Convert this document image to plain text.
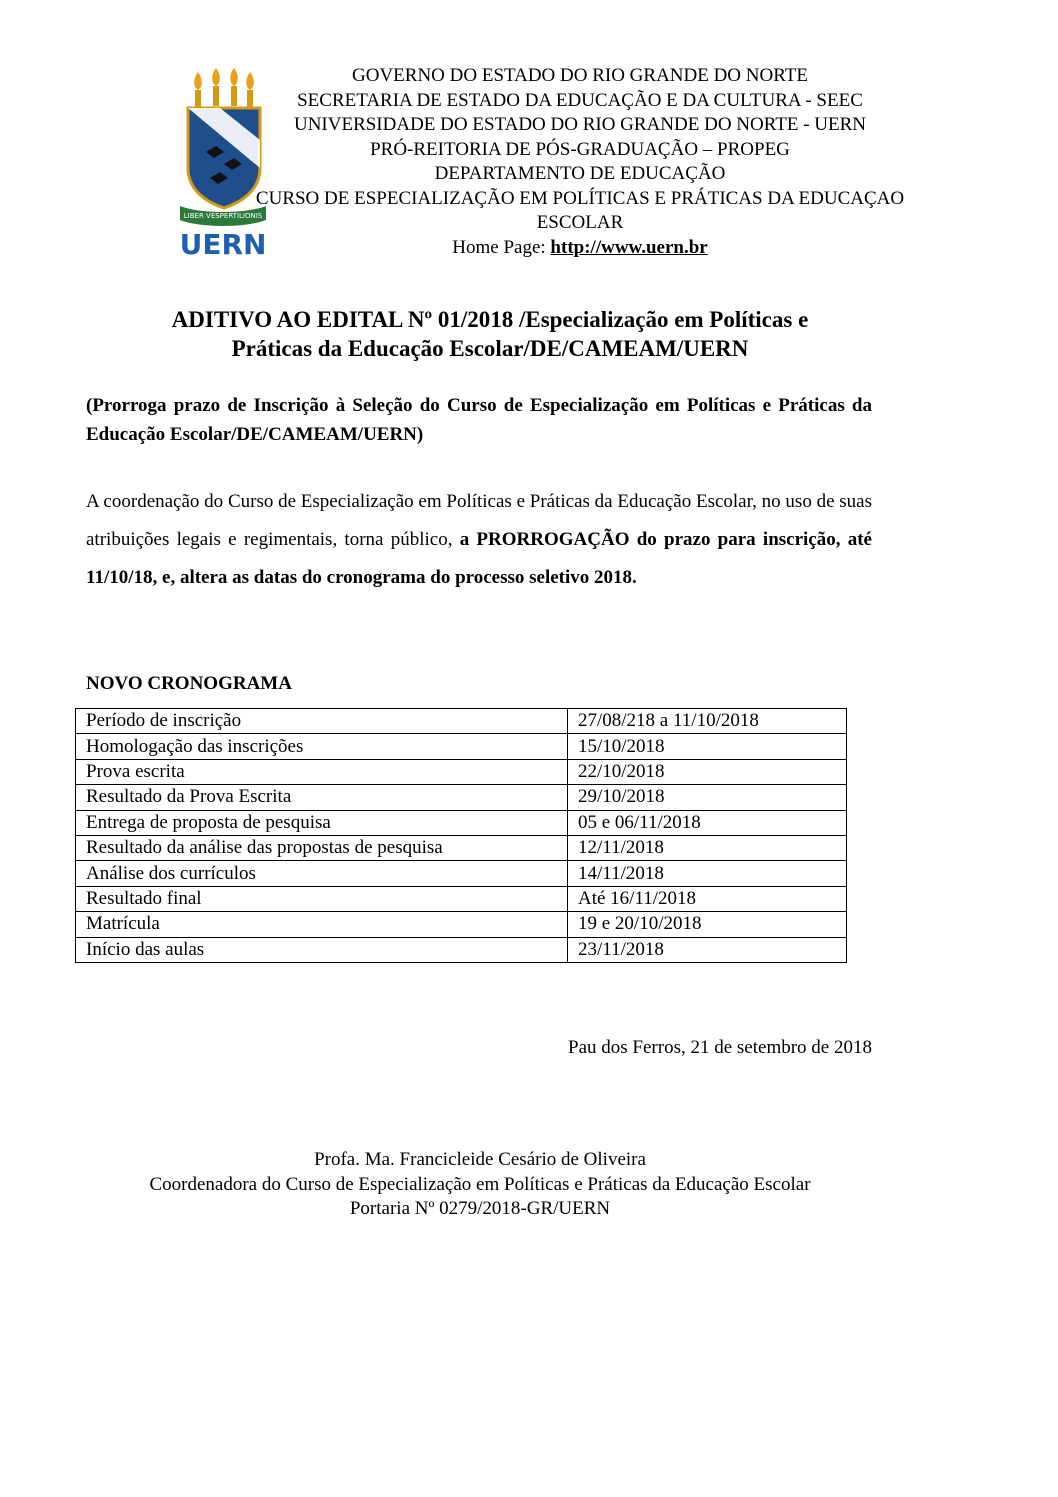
LIBER VESPERTILIONIS
UERN
GOVERNO DO ESTADO DO RIO GRANDE DO NORTE
SECRETARIA DE ESTADO DA EDUCAÇÃO E DA CULTURA - SEEC
UNIVERSIDADE DO ESTADO DO RIO GRANDE DO NORTE - UERN
PRÓ-REITORIA DE PÓS-GRADUAÇÃO – PROPEG
DEPARTAMENTO DE EDUCAÇÃO
CURSO DE ESPECIALIZAÇÃO EM POLÍTICAS E PRÁTICAS DA EDUCAÇAO
ESCOLAR
Home Page: http://www.uern.br
ADITIVO AO EDITAL Nº 01/2018 /Especialização em Políticas e
Práticas da Educação Escolar/DE/CAMEAM/UERN
(Prorroga prazo de Inscrição à Seleção do Curso de Especialização em Políticas e Práticas da Educação Escolar/DE/CAMEAM/UERN)
A coordenação do Curso de Especialização em Políticas e Práticas da Educação Escolar, no uso de suas atribuições legais e regimentais, torna público, a PRORROGAÇÃO do prazo para inscrição, até 11/10/18, e, altera as datas do cronograma do processo seletivo 2018.
NOVO CRONOGRAMA
Período de inscrição	27/08/218 a 11/10/2018
Homologação das inscrições	15/10/2018
Prova escrita	22/10/2018
Resultado da Prova Escrita	29/10/2018
Entrega de proposta de pesquisa	05 e 06/11/2018
Resultado da análise das propostas de pesquisa	12/11/2018
Análise dos currículos	14/11/2018
Resultado final	Até 16/11/2018
Matrícula	19 e 20/10/2018
Início das aulas	23/11/2018
Pau dos Ferros, 21 de setembro de 2018
Profa. Ma. Francicleide Cesário de Oliveira
Coordenadora do Curso de Especialização em Políticas e Práticas da Educação Escolar
Portaria Nº 0279/2018-GR/UERN
